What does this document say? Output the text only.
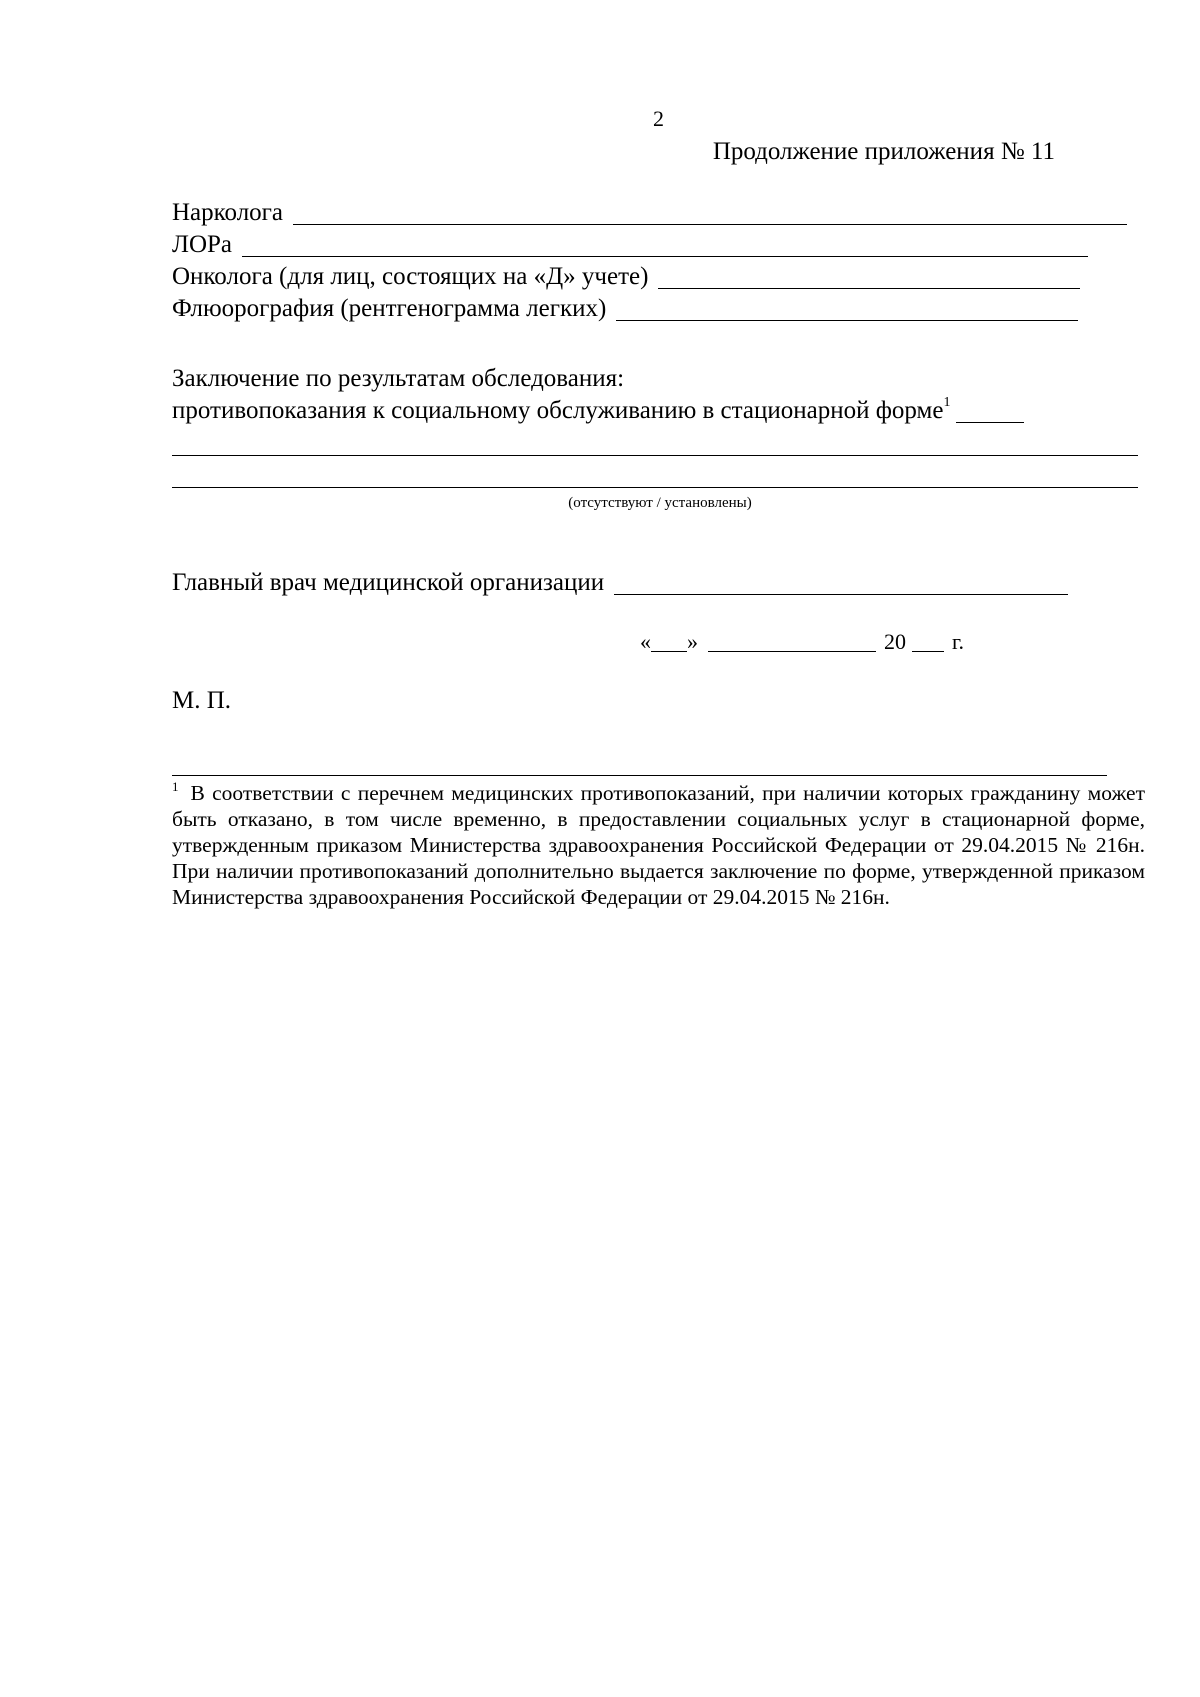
2
Продолжение приложения № 11
Нарколога
ЛОРа
Онколога (для лиц, состоящих на «Д» учете)
Флюорография (рентгенограмма легких)
Заключение по результатам обследования:
противопоказания к социальному обслуживанию в стационарной форме$^1$
(отсутствуют / установлены)
Главный врач медицинской организации
« »	20 г.
М. П.
$^1$ В соответствии с перечнем медицинских противопоказаний, при наличии которых гражданину может быть отказано, в том числе временно, в предоставлении социальных услуг в стационарной форме, утвержденным приказом Министерства здравоохранения Российской Федерации от 29.04.2015 № 216н. При наличии противопоказаний дополнительно выдается заключение по форме, утвержденной приказом Министерства здравоохранения Российской Федерации от 29.04.2015 № 216н.
